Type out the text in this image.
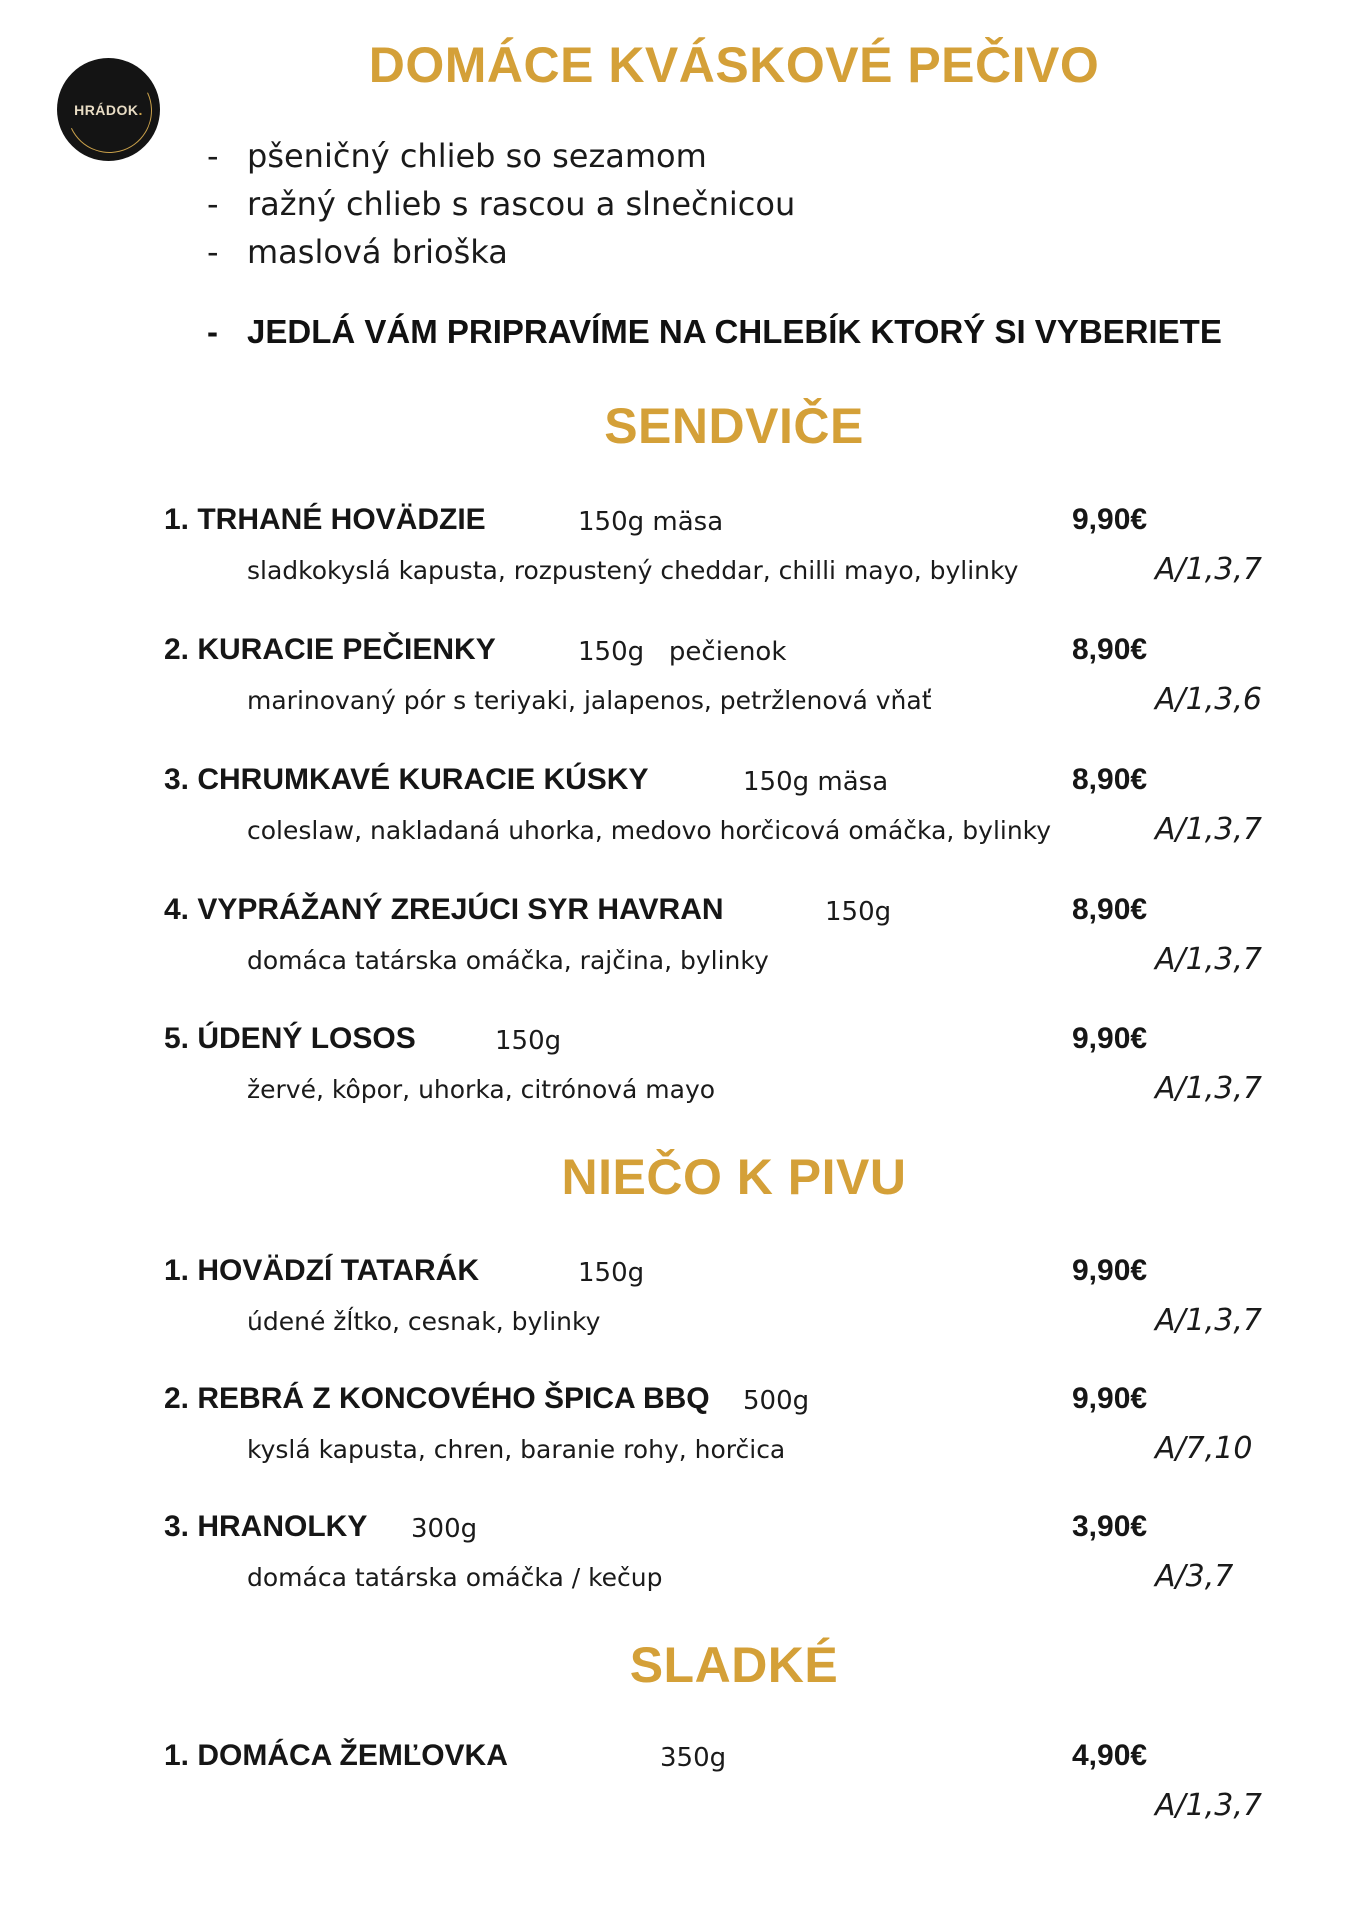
HRÁDOK.
DOMÁCE KVÁSKOVÉ PEČIVO
- pšeničný chlieb so sezamom
- ražný chlieb s rascou a slnečnicou
- maslová brioška
- JEDLÁ VÁM PRIPRAVÍME NA CHLEBÍK KTORÝ SI VYBERIETE
SENDVIČE
1. TRHANÉ HOVÄDZIE	150g mäsa	9,90€
sladkokyslá kapusta, rozpustený cheddar, chilli mayo, bylinky	A/1,3,7
2. KURACIE PEČIENKY	150g   pečienok	8,90€
marinovaný pór s teriyaki, jalapenos, petržlenová vňať	A/1,3,6
3. CHRUMKAVÉ KURACIE KÚSKY	150g mäsa	8,90€
coleslaw, nakladaná uhorka, medovo horčicová omáčka, bylinky	A/1,3,7
4. VYPRÁŽANÝ ZREJÚCI SYR HAVRAN	150g	8,90€
domáca tatárska omáčka, rajčina, bylinky	A/1,3,7
5. ÚDENÝ LOSOS	150g	9,90€
žervé, kôpor, uhorka, citrónová mayo	A/1,3,7
NIEČO K PIVU
1. HOVÄDZÍ TATARÁK	150g	9,90€
údené žĺtko, cesnak, bylinky	A/1,3,7
2. REBRÁ Z KONCOVÉHO ŠPICA BBQ 500g	9,90€
kyslá kapusta, chren, baranie rohy, horčica	A/7,10
3. HRANOLKY 300g	3,90€
domáca tatárska omáčka / kečup	A/3,7
SLADKÉ
1. DOMÁCA ŽEMĽOVKA	350g	4,90€
A/1,3,7
